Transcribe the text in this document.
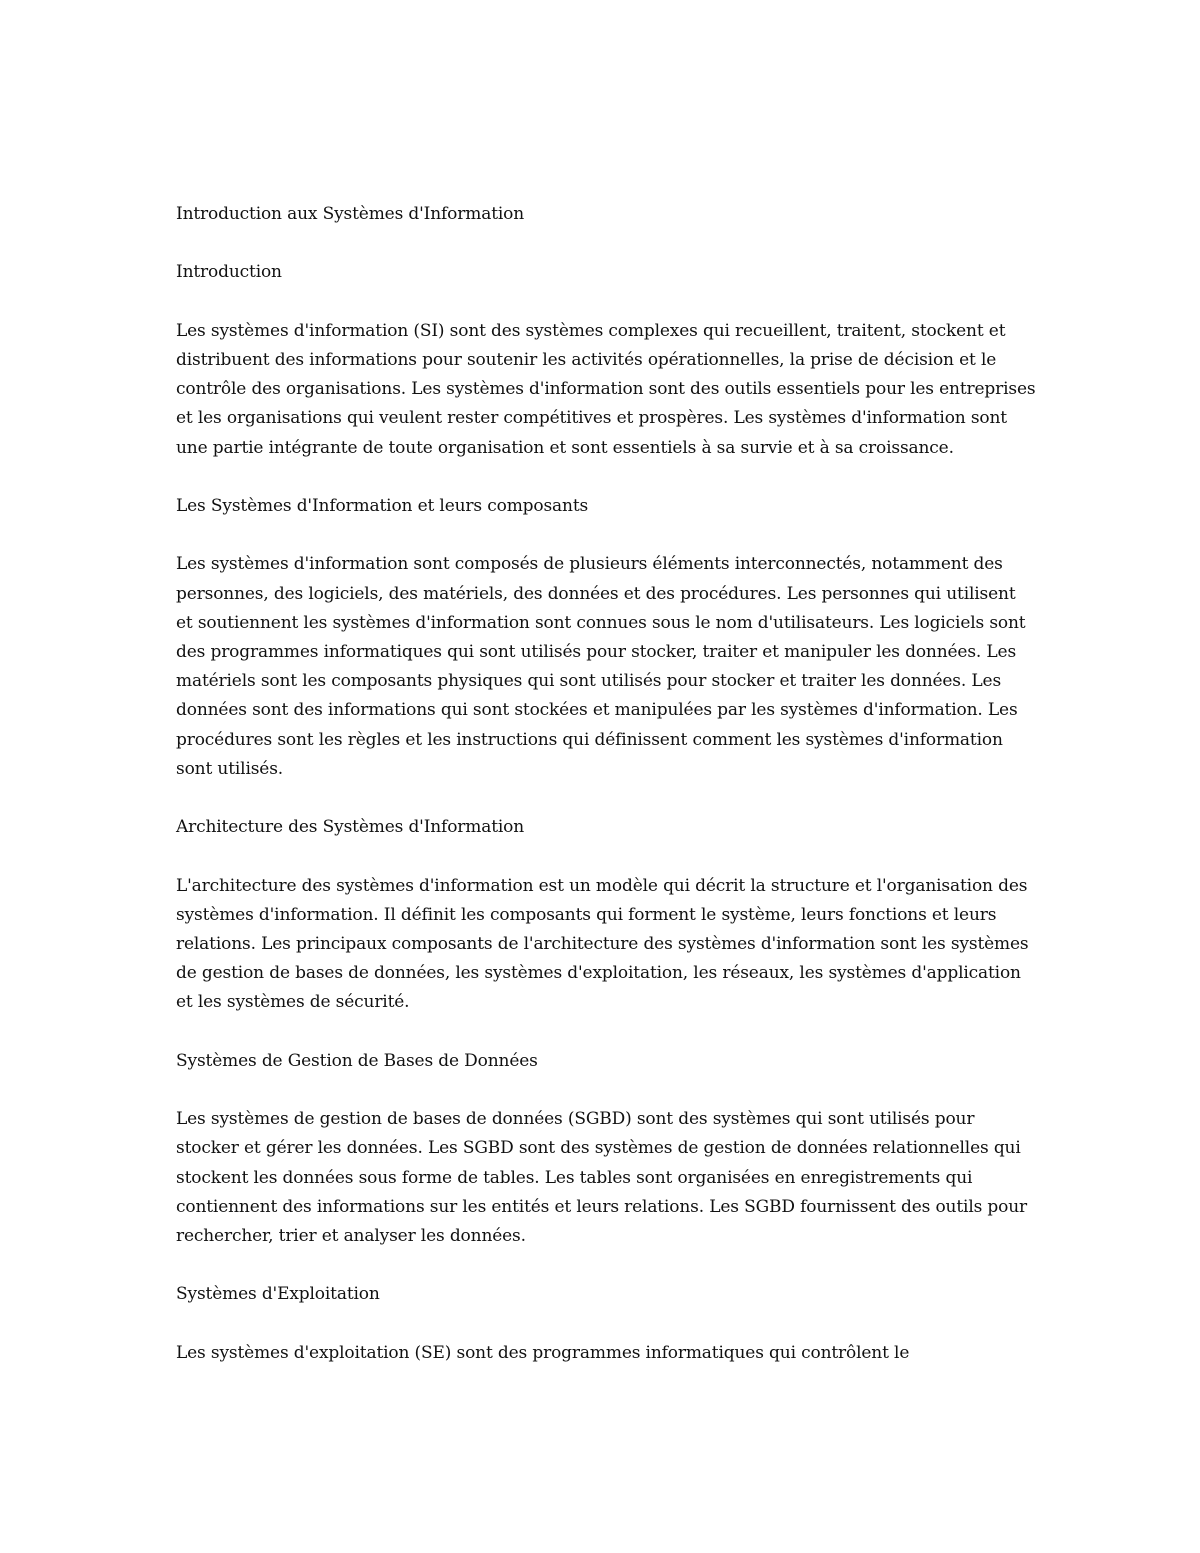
Introduction aux Systèmes d'Information

Introduction

Les systèmes d'information (SI) sont des systèmes complexes qui recueillent, traitent, stockent et distribuent des informations pour soutenir les activités opérationnelles, la prise de décision et le contrôle des organisations. Les systèmes d'information sont des outils essentiels pour les entreprises et les organisations qui veulent rester compétitives et prospères. Les systèmes d'information sont une partie intégrante de toute organisation et sont essentiels à sa survie et à sa croissance.

Les Systèmes d'Information et leurs composants

Les systèmes d'information sont composés de plusieurs éléments interconnectés, notamment des personnes, des logiciels, des matériels, des données et des procédures. Les personnes qui utilisent et soutiennent les systèmes d'information sont connues sous le nom d'utilisateurs. Les logiciels sont des programmes informatiques qui sont utilisés pour stocker, traiter et manipuler les données. Les matériels sont les composants physiques qui sont utilisés pour stocker et traiter les données. Les données sont des informations qui sont stockées et manipulées par les systèmes d'information. Les procédures sont les règles et les instructions qui définissent comment les systèmes d'information sont utilisés.

Architecture des Systèmes d'Information

L'architecture des systèmes d'information est un modèle qui décrit la structure et l'organisation des systèmes d'information. Il définit les composants qui forment le système, leurs fonctions et leurs relations. Les principaux composants de l'architecture des systèmes d'information sont les systèmes de gestion de bases de données, les systèmes d'exploitation, les réseaux, les systèmes d'application et les systèmes de sécurité.

Systèmes de Gestion de Bases de Données

Les systèmes de gestion de bases de données (SGBD) sont des systèmes qui sont utilisés pour stocker et gérer les données. Les SGBD sont des systèmes de gestion de données relationnelles qui stockent les données sous forme de tables. Les tables sont organisées en enregistrements qui contiennent des informations sur les entités et leurs relations. Les SGBD fournissent des outils pour rechercher, trier et analyser les données.

Systèmes d'Exploitation

Les systèmes d'exploitation (SE) sont des programmes informatiques qui contrôlent le
